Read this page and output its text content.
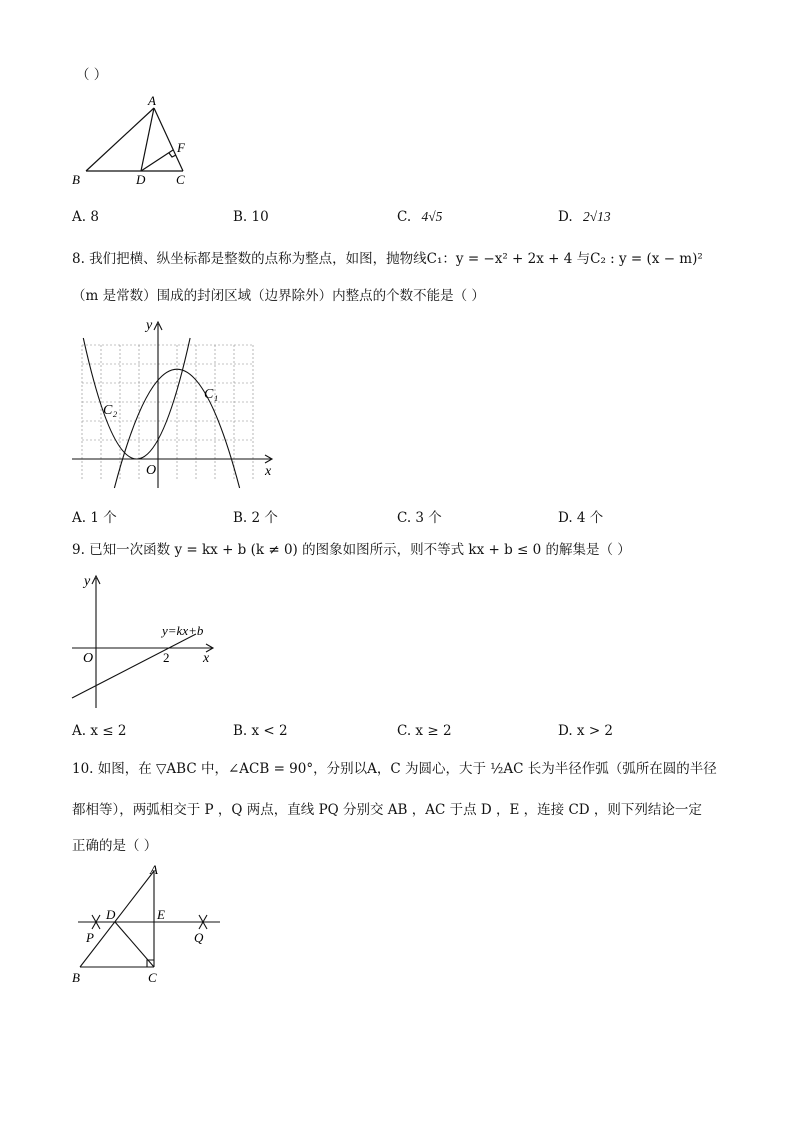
（ ）
A
B	D C
F
A. 8	B. 10	C. 4√5	D. 2√13
8. 我们把横、纵坐标都是整数的点称为整点，如图，抛物线C₁：y = −x² + 2x + 4 与C₂ : y = (x − m)²
（m 是常数）围成的封闭区域（边界除外）内整点的个数不能是（ ）
y
x
O
C₁
C₂
A. 1 个	B. 2 个	C. 3 个	D. 4 个
9. 已知一次函数 y = kx + b (k ≠ 0) 的图象如图所示，则不等式 kx + b ≤ 0 的解集是（ ）
y
x
O	2
y=kx+b
A. x ≤ 2	B. x < 2	C. x ≥ 2	D. x > 2
10. 如图，在 ▽ABC 中，∠ACB = 90°，分别以A，C 为圆心，大于 ½AC 长为半径作弧（弧所在圆的半径
都相等），两弧相交于 P ，Q 两点，直线 PQ 分别交 AB ，AC 于点 D ，E ，连接 CD ，则下列结论一定
正确的是（ ）
A
B	C
D	E
P	Q
